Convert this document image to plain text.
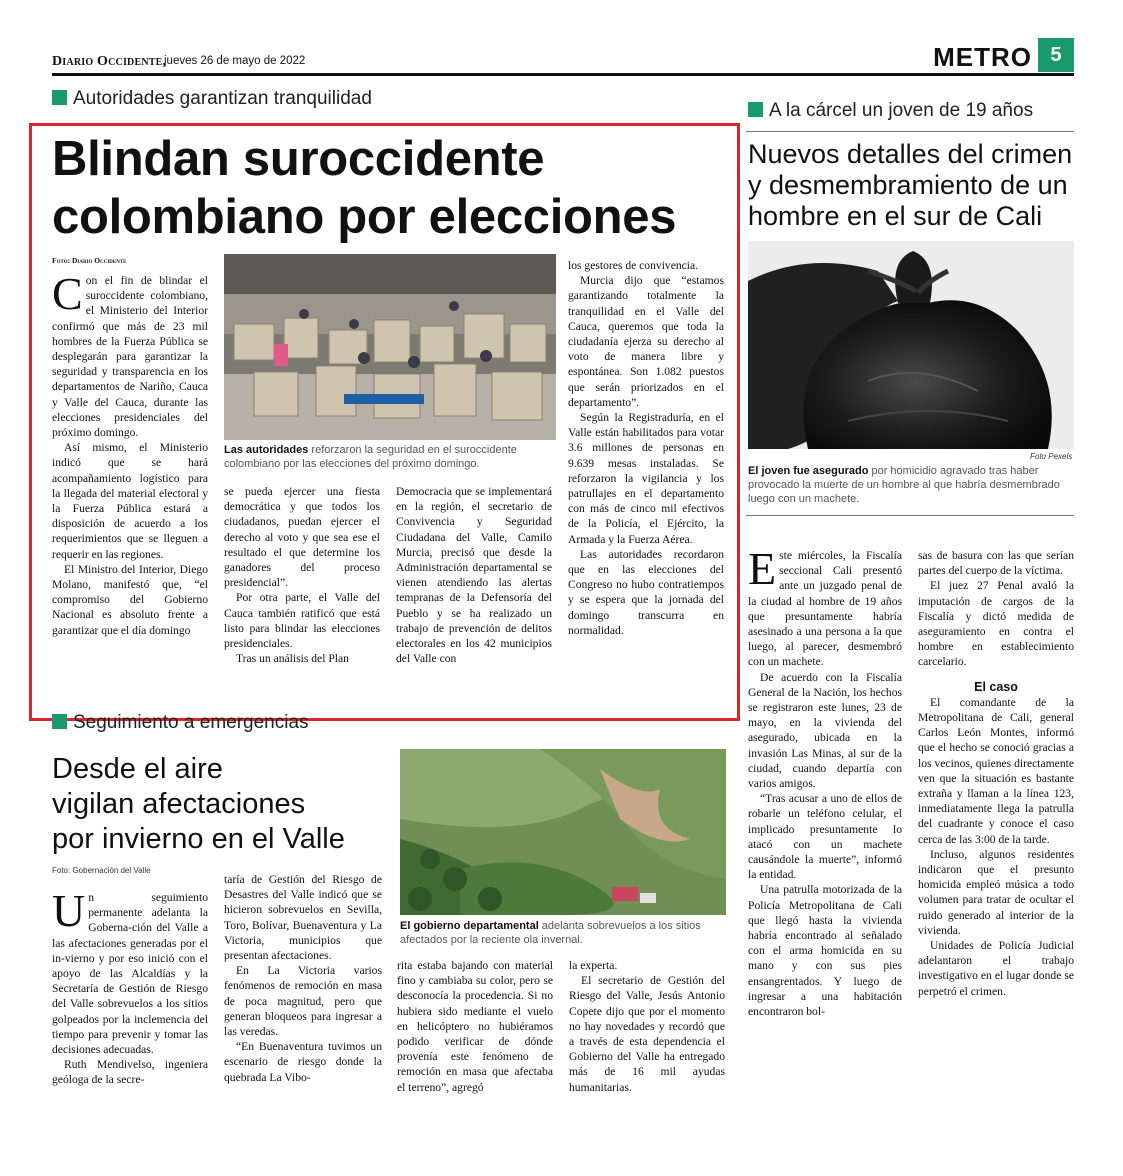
Diario Occidente,
jueves 26 de mayo de 2022	METRO 5
Autoridades garantizan tranquilidad
Blindan suroccidente
colombiano por elecciones
Foto: Diario Occidente
Las autoridades reforzaron la seguridad en el suroccidente colombiano por las elecciones del próximo domingo.

Con el fin de blindar el suroccidente colombiano, el Ministerio del Interior confirmó que más de 23 mil hombres de la Fuerza Pública se desplegarán para garantizar la seguridad y transparencia en los departamentos de Nariño, Cauca y Valle del Cauca, durante las elecciones presidenciales del próximo domingo.

Así mismo, el Ministerio indicó que se hará acompañamiento logístico para la llegada del material electoral y la Fuerza Pública estará a disposición de acuerdo a los requerimientos que se lleguen a requerir en las regiones.

El Ministro del Interior, Diego Molano, manifestó que, “el compromiso del Gobierno Nacional es absoluto frente a garantizar que el día domingo

se pueda ejercer una fiesta democrática y que todos los ciudadanos, puedan ejercer el derecho al voto y que sea ese el resultado el que determine los ganadores del proceso presidencial”.

Por otra parte, el Valle del Cauca también ratificó que está listo para blindar las elecciones presidenciales.

Tras un análisis del Plan

Democracia que se implementará en la región, el secretario de Convivencia y Seguridad Ciudadana del Valle, Camilo Murcia, precisó que desde la Administración departamental se vienen atendiendo las alertas tempranas de la Defensoría del Pueblo y se ha realizado un trabajo de prevención de delitos electorales en los 42 municipios del Valle con

los gestores de convivencia.

Murcia dijo que “estamos garantizando totalmente la tranquilidad en el Valle del Cauca, queremos que toda la ciudadanía ejerza su derecho al voto de manera libre y espontánea. Son 1.082 puestos que serán priorizados en el departamento”.

Según la Registraduría, en el Valle están habilitados para votar 3.6 millones de personas en 9.639 mesas instaladas. Se reforzaron la vigilancia y los patrullajes en el departamento con más de cinco mil efectivos de la Policía, el Ejército, la Armada y la Fuerza Aérea.

Las autoridades recordaron que en las elecciones del Congreso no hubo contratiempos y se espera que la jornada del domingo transcurra en normalidad.

A la cárcel un joven de 19 años
Nuevos detalles del crimen
y desmembramiento de un
hombre en el sur de Cali
Foto Pexels
El joven fue asegurado por homicidio agravado tras haber provocado la muerte de un hombre al que habría desmembrado luego con un machete.

Este miércoles, la Fiscalía seccional Cali presentó ante un juzgado penal de la ciudad al hombre de 19 años que presuntamente habría asesinado a una persona a la que luego, al parecer, desmembró con un machete.

De acuerdo con la Fiscalía General de la Nación, los hechos se registraron este lunes, 23 de mayo, en la vivienda del asegurado, ubicada en la invasión Las Minas, al sur de la ciudad, cuando departía con varios amigos.

“Tras acusar a uno de ellos de robarle un teléfono celular, el implicado presuntamente lo atacó con un machete causándole la muerte”, informó la entidad.

Una patrulla motorizada de la Policía Metropolitana de Cali que llegó hasta la vivienda habría encontrado al señalado con el arma homicida en su mano y con sus pies ensangrentados. Y luego de ingresar a una habitación encontraron bol-

sas de basura con las que serían partes del cuerpo de la víctima.

El juez 27 Penal avaló la imputación de cargos de la Fiscalía y dictó medida de aseguramiento en contra el hombre en establecimiento carcelario.

El caso

El comandante de la Metropolitana de Cali, general Carlos León Montes, informó que el hecho se conoció gracias a los vecinos, quienes directamente ven que la situación es bastante extraña y llaman a la línea 123, inmediatamente llega la patrulla del cuadrante y conoce el caso cerca de las 3:00 de la tarde.

Incluso, algunos residentes indicaron que el presunto homicida empleó música a todo volumen para tratar de ocultar el ruido generado al interior de la vivienda.

Unidades de Policía Judicial adelantaron el trabajo investigativo en el lugar donde se perpetró el crimen.

Seguimiento a emergencias
Desde el aire
vigilan afectaciones
por invierno en el Valle
Foto: Gobernación del Valle
El gobierno departamental adelanta sobrevuelos a los sitios afectados por la reciente ola invernal.

Un seguimiento permanente adelanta la Goberna-ción del Valle a las afectaciones generadas por el in-vierno y por eso inició con el apoyo de las Alcaldías y la Secretaría de Gestión de Riesgo del Valle sobrevuelos a los sitios golpeados por la inclemencia del tiempo para prevenir y tomar las decisiones adecuadas.

Ruth Mendivelso, ingeniera geóloga de la secre-

taría de Gestión del Riesgo de Desastres del Valle indicó que se hicieron sobrevuelos en Sevilla, Toro, Bolívar, Buenaventura y La Victoria, municipios que presentan afectaciones.

En La Victoria varios fenómenos de remoción en masa de poca magnitud, pero que generan bloqueos para ingresar a las veredas.

“En Buenaventura tuvimos un escenario de riesgo donde la quebrada La Vibo-

rita estaba bajando con material fino y cambiaba su color, pero se desconocía la procedencia. Si no hubiera sido mediante el vuelo en helicóptero no hubiéramos podido verificar de dónde provenía este fenómeno de remoción en masa que afectaba el terreno”, agregó

la experta.

El secretario de Gestión del Riesgo del Valle, Jesús Antonio Copete dijo que por el momento no hay novedades y recordó que a través de esta dependencia el Gobierno del Valle ha entregado más de 16 mil ayudas humanitarias.
